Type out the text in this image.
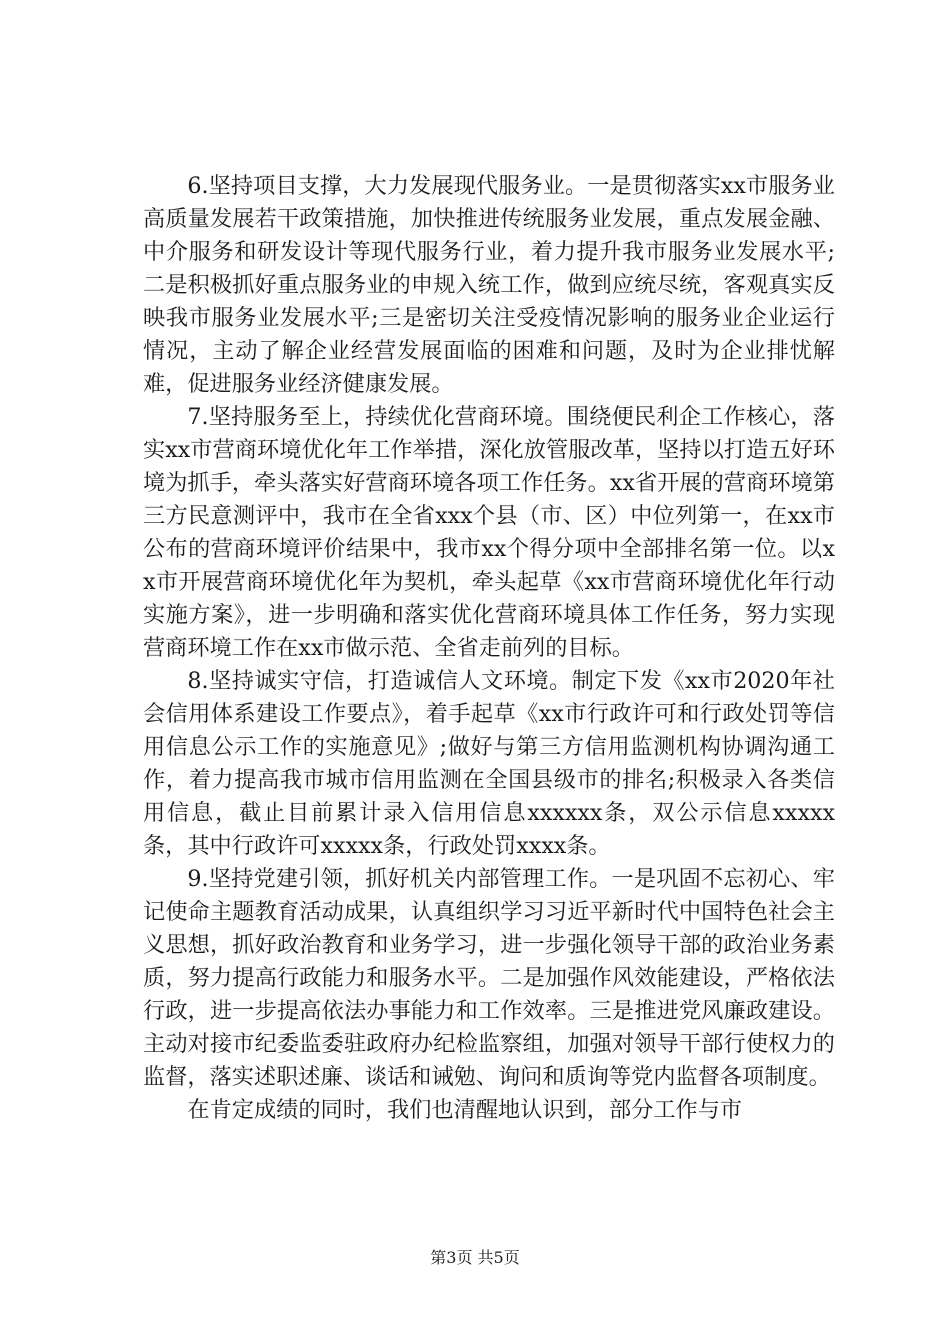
6.坚持项目支撑，大力发展现代服务业。一是贯彻落实xx市服务业高质量发展若干政策措施，加快推进传统服务业发展，重点发展金融、中介服务和研发设计等现代服务行业，着力提升我市服务业发展水平;二是积极抓好重点服务业的申规入统工作，做到应统尽统，客观真实反映我市服务业发展水平;三是密切关注受疫情况影响的服务业企业运行情况，主动了解企业经营发展面临的困难和问题，及时为企业排忧解难，促进服务业经济健康发展。

7.坚持服务至上，持续优化营商环境。围绕便民利企工作核心，落实xx市营商环境优化年工作举措，深化放管服改革，坚持以打造五好环境为抓手，牵头落实好营商环境各项工作任务。xx省开展的营商环境第三方民意测评中，我市在全省xxx个县（市、区）中位列第一，在xx市公布的营商环境评价结果中，我市xx个得分项中全部排名第一位。以xx市开展营商环境优化年为契机，牵头起草《xx市营商环境优化年行动实施方案》，进一步明确和落实优化营商环境具体工作任务，努力实现营商环境工作在xx市做示范、全省走前列的目标。

8.坚持诚实守信，打造诚信人文环境。制定下发《xx市2020年社会信用体系建设工作要点》，着手起草《xx市行政许可和行政处罚等信用信息公示工作的实施意见》;做好与第三方信用监测机构协调沟通工作，着力提高我市城市信用监测在全国县级市的排名;积极录入各类信用信息，截止目前累计录入信用信息xxxxxx条，双公示信息xxxxx条，其中行政许可xxxxx条，行政处罚xxxx条。

9.坚持党建引领，抓好机关内部管理工作。一是巩固不忘初心、牢记使命主题教育活动成果，认真组织学习习近平新时代中国特色社会主义思想，抓好政治教育和业务学习，进一步强化领导干部的政治业务素质，努力提高行政能力和服务水平。二是加强作风效能建设，严格依法行政，进一步提高依法办事能力和工作效率。三是推进党风廉政建设。主动对接市纪委监委驻政府办纪检监察组，加强对领导干部行使权力的监督，落实述职述廉、谈话和诫勉、询问和质询等党内监督各项制度。

在肯定成绩的同时，我们也清醒地认识到，部分工作与市

第3页 共5页
